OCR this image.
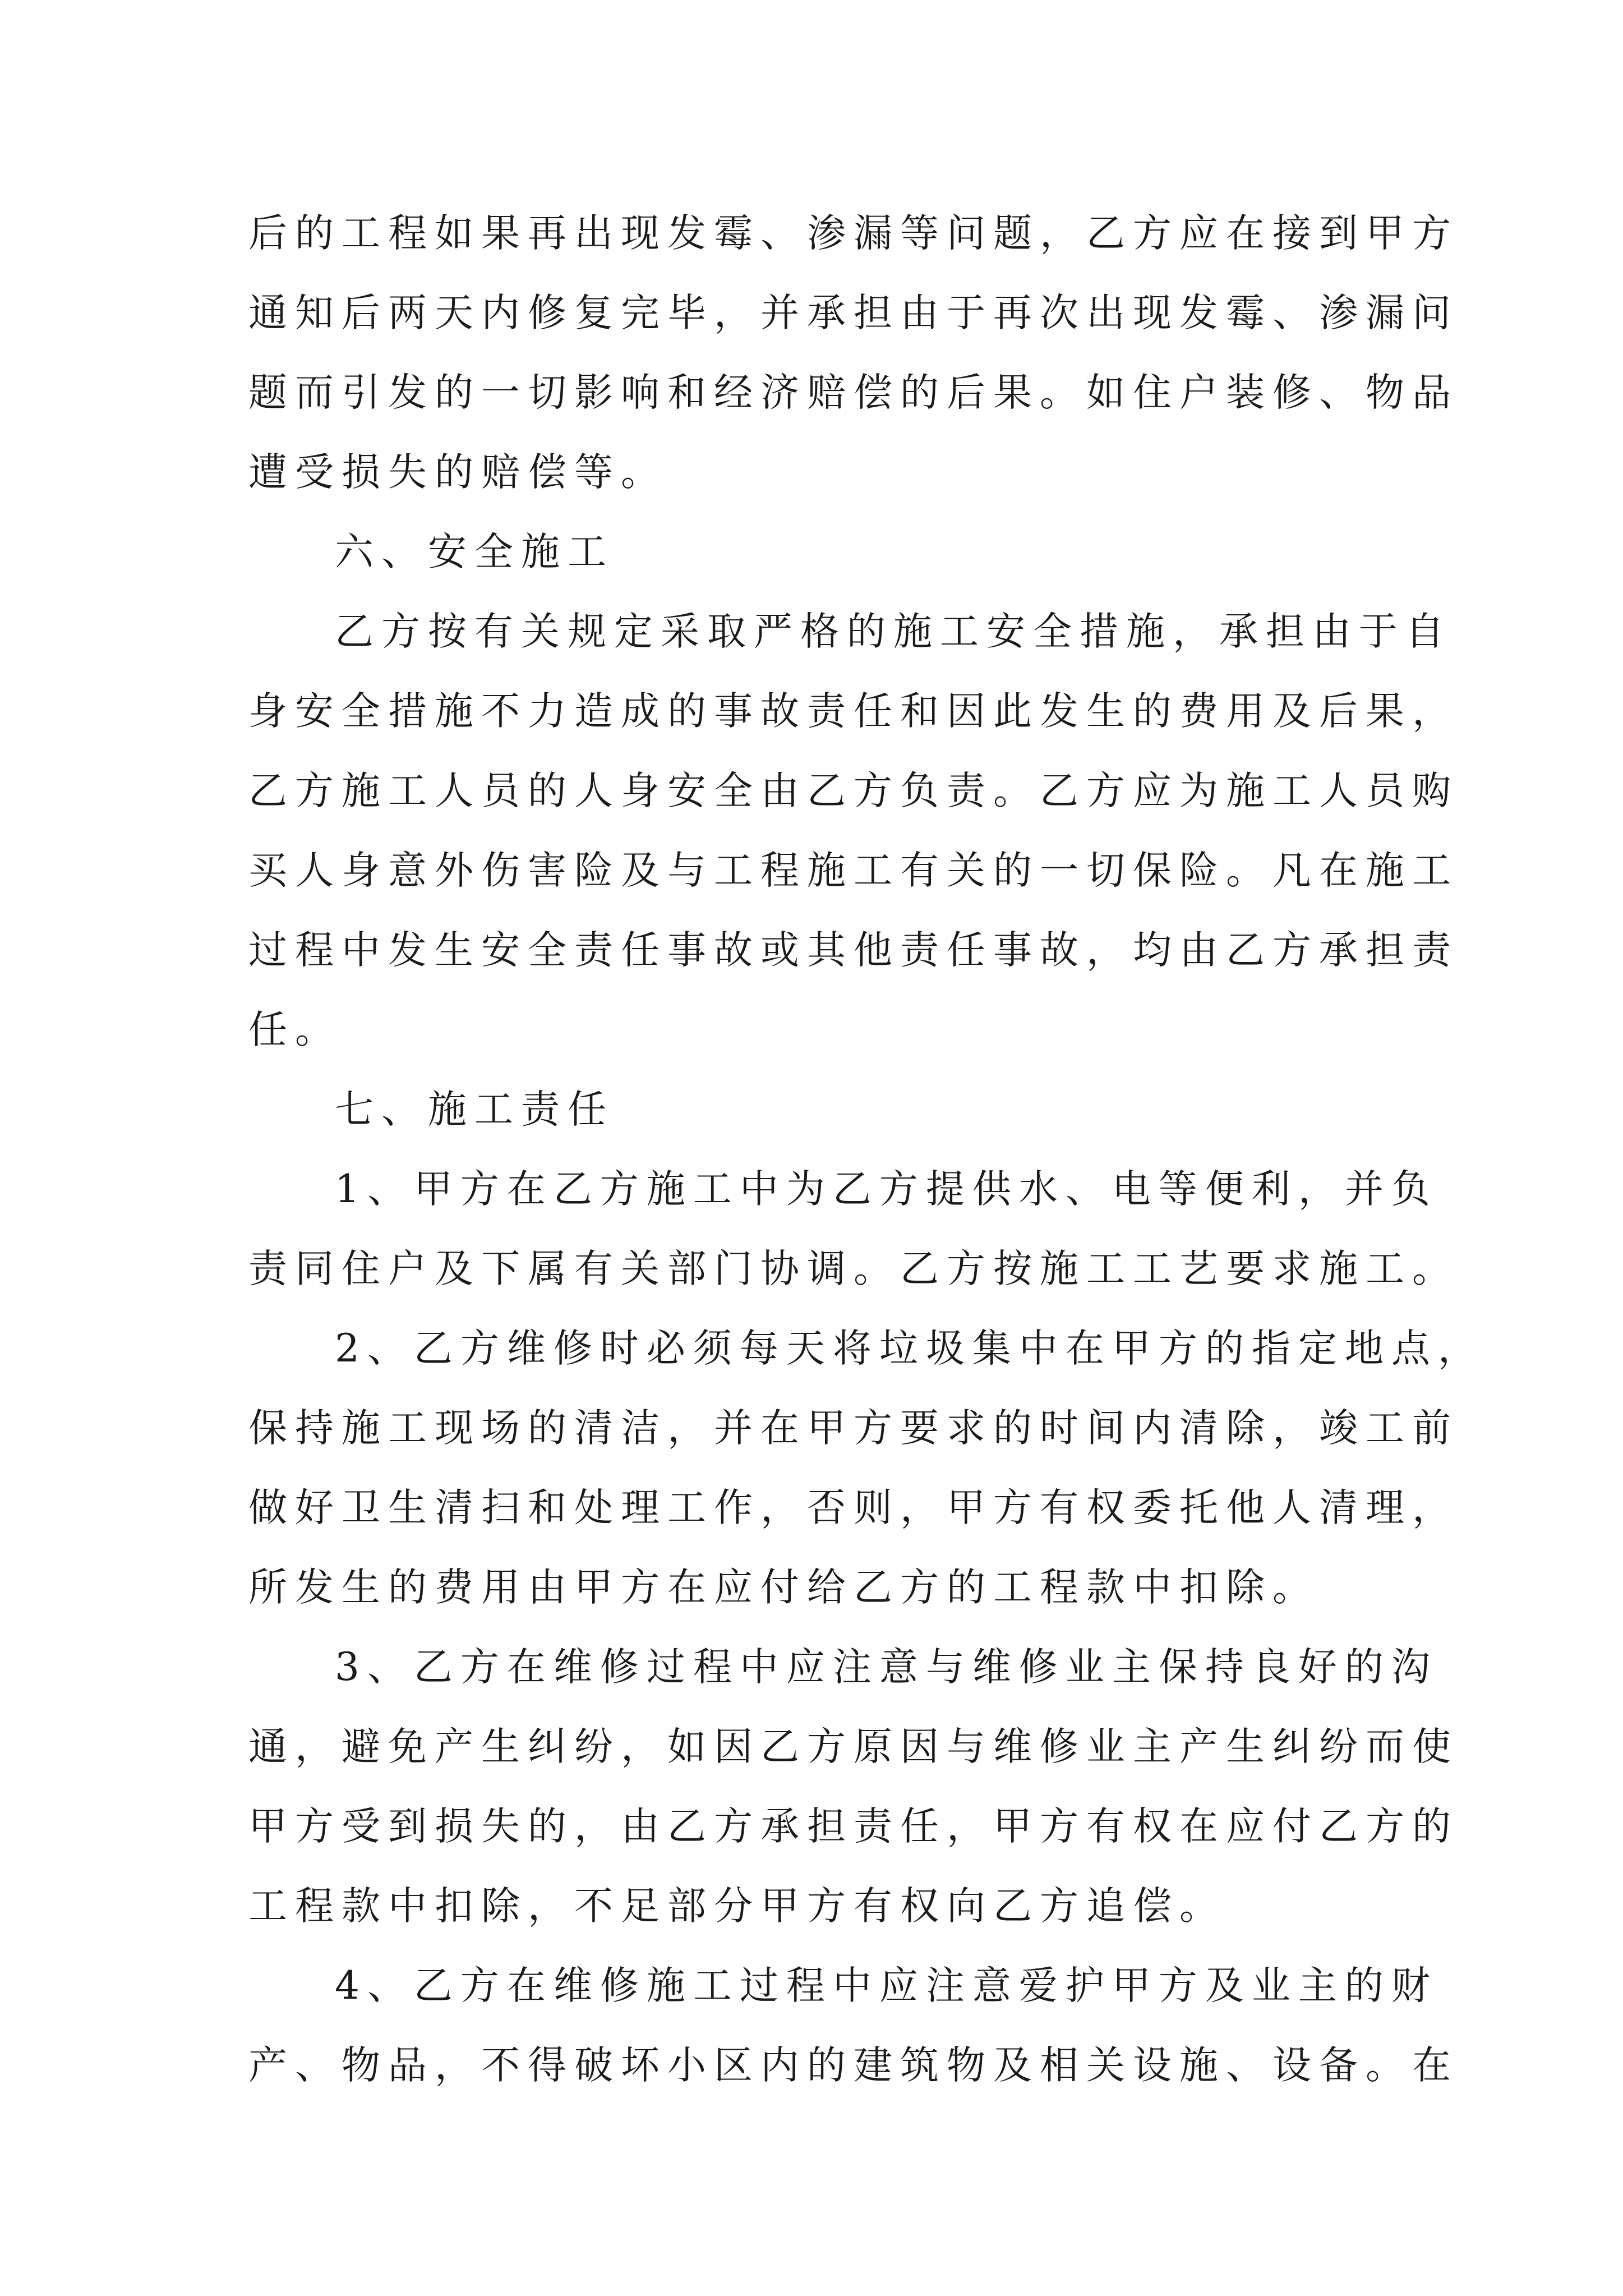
后的工程如果再出现发霉、渗漏等问题，乙方应在接到甲方
通知后两天内修复完毕，并承担由于再次出现发霉、渗漏问
题而引发的一切影响和经济赔偿的后果。如住户装修、物品
遭受损失的赔偿等。
六、安全施工
乙方按有关规定采取严格的施工安全措施，承担由于自
身安全措施不力造成的事故责任和因此发生的费用及后果，
乙方施工人员的人身安全由乙方负责。乙方应为施工人员购
买人身意外伤害险及与工程施工有关的一切保险。凡在施工
过程中发生安全责任事故或其他责任事故，均由乙方承担责
任。
七、施工责任
1、甲方在乙方施工中为乙方提供水、电等便利，并负
责同住户及下属有关部门协调。乙方按施工工艺要求施工。
2、乙方维修时必须每天将垃圾集中在甲方的指定地点，
保持施工现场的清洁，并在甲方要求的时间内清除，竣工前
做好卫生清扫和处理工作，否则，甲方有权委托他人清理，
所发生的费用由甲方在应付给乙方的工程款中扣除。
3、乙方在维修过程中应注意与维修业主保持良好的沟
通，避免产生纠纷，如因乙方原因与维修业主产生纠纷而使
甲方受到损失的，由乙方承担责任，甲方有权在应付乙方的
工程款中扣除，不足部分甲方有权向乙方追偿。
4、乙方在维修施工过程中应注意爱护甲方及业主的财
产、物品，不得破坏小区内的建筑物及相关设施、设备。在
